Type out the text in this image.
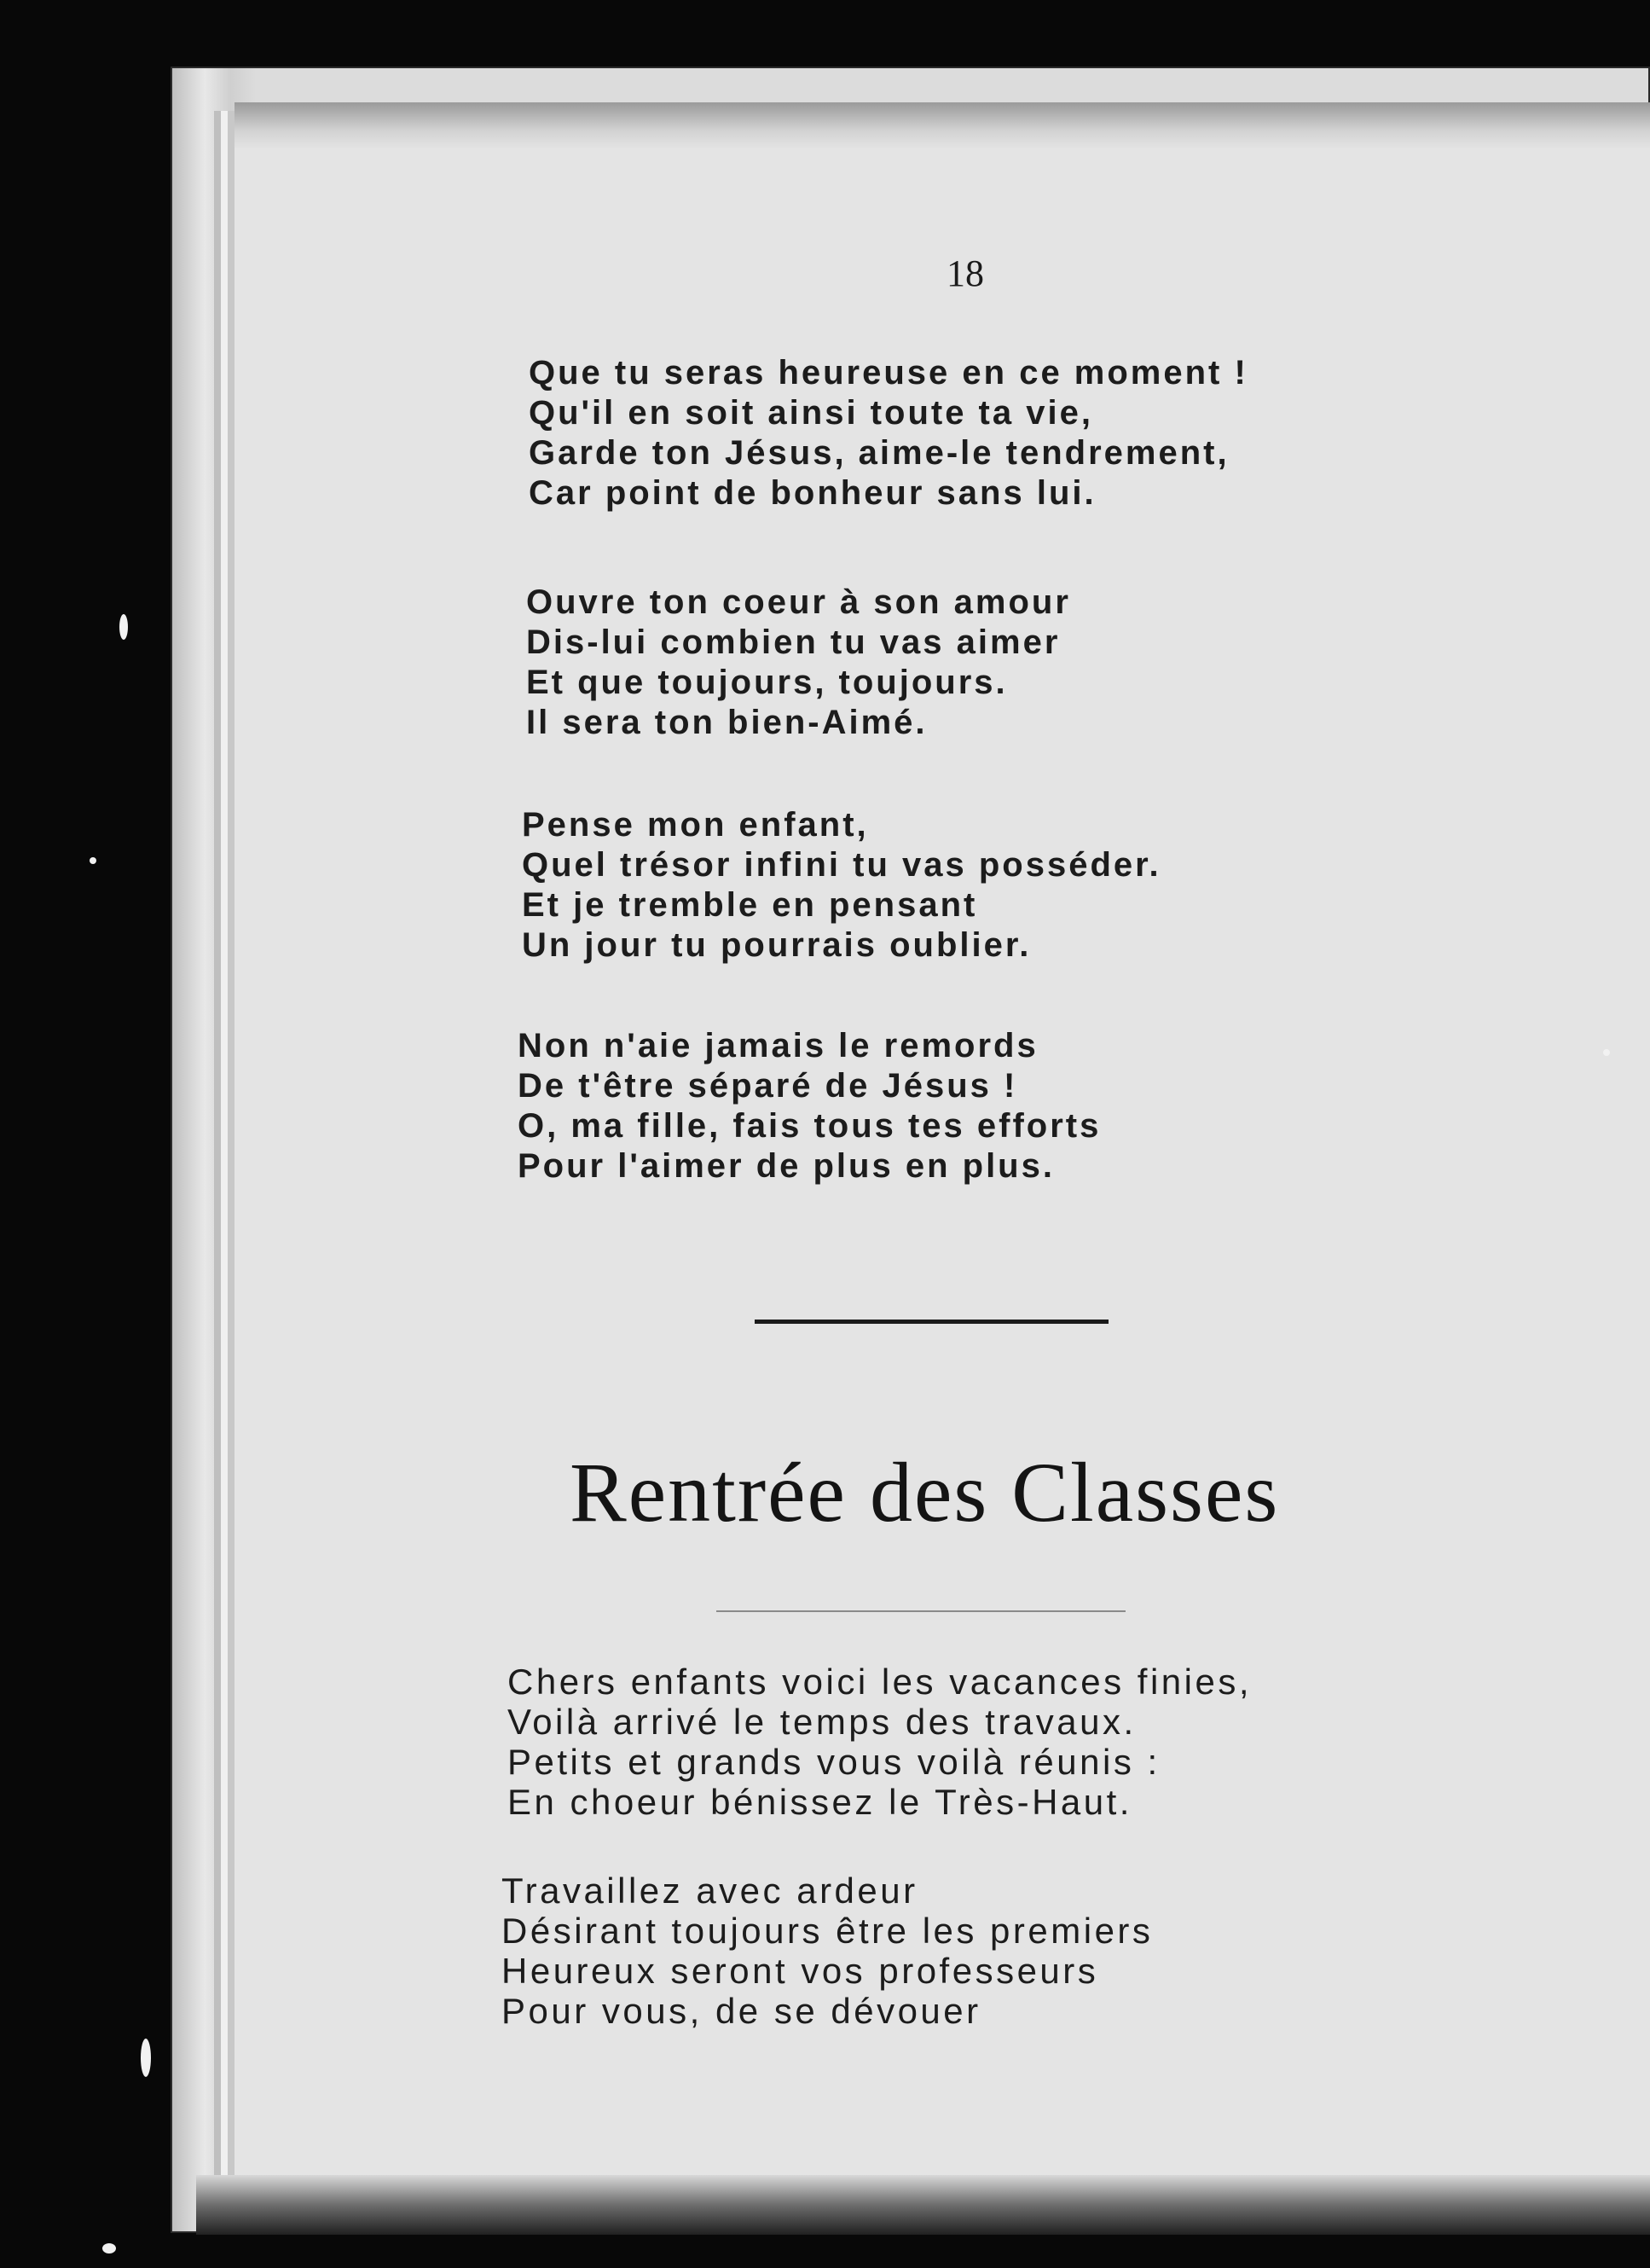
18
Que tu seras heureuse en ce moment !
Qu'il en soit ainsi toute ta vie,
Garde ton Jésus, aime-le tendrement,
Car point de bonheur sans lui.
Ouvre ton coeur à son amour
Dis-lui combien tu vas aimer
Et que toujours, toujours.
Il sera ton bien-Aimé.
Pense mon enfant,
Quel trésor infini tu vas posséder.
Et je tremble en pensant
Un jour tu pourrais oublier.
Non n'aie jamais le remords
De t'être séparé de Jésus !
O, ma fille, fais tous tes efforts
Pour l'aimer de plus en plus.
Rentrée des Classes
Chers enfants voici les vacances finies,
Voilà arrivé le temps des travaux.
Petits et grands vous voilà réunis :
En choeur bénissez le Très-Haut.
Travaillez avec ardeur
Désirant toujours être les premiers
Heureux seront vos professeurs
Pour vous, de se dévouer
